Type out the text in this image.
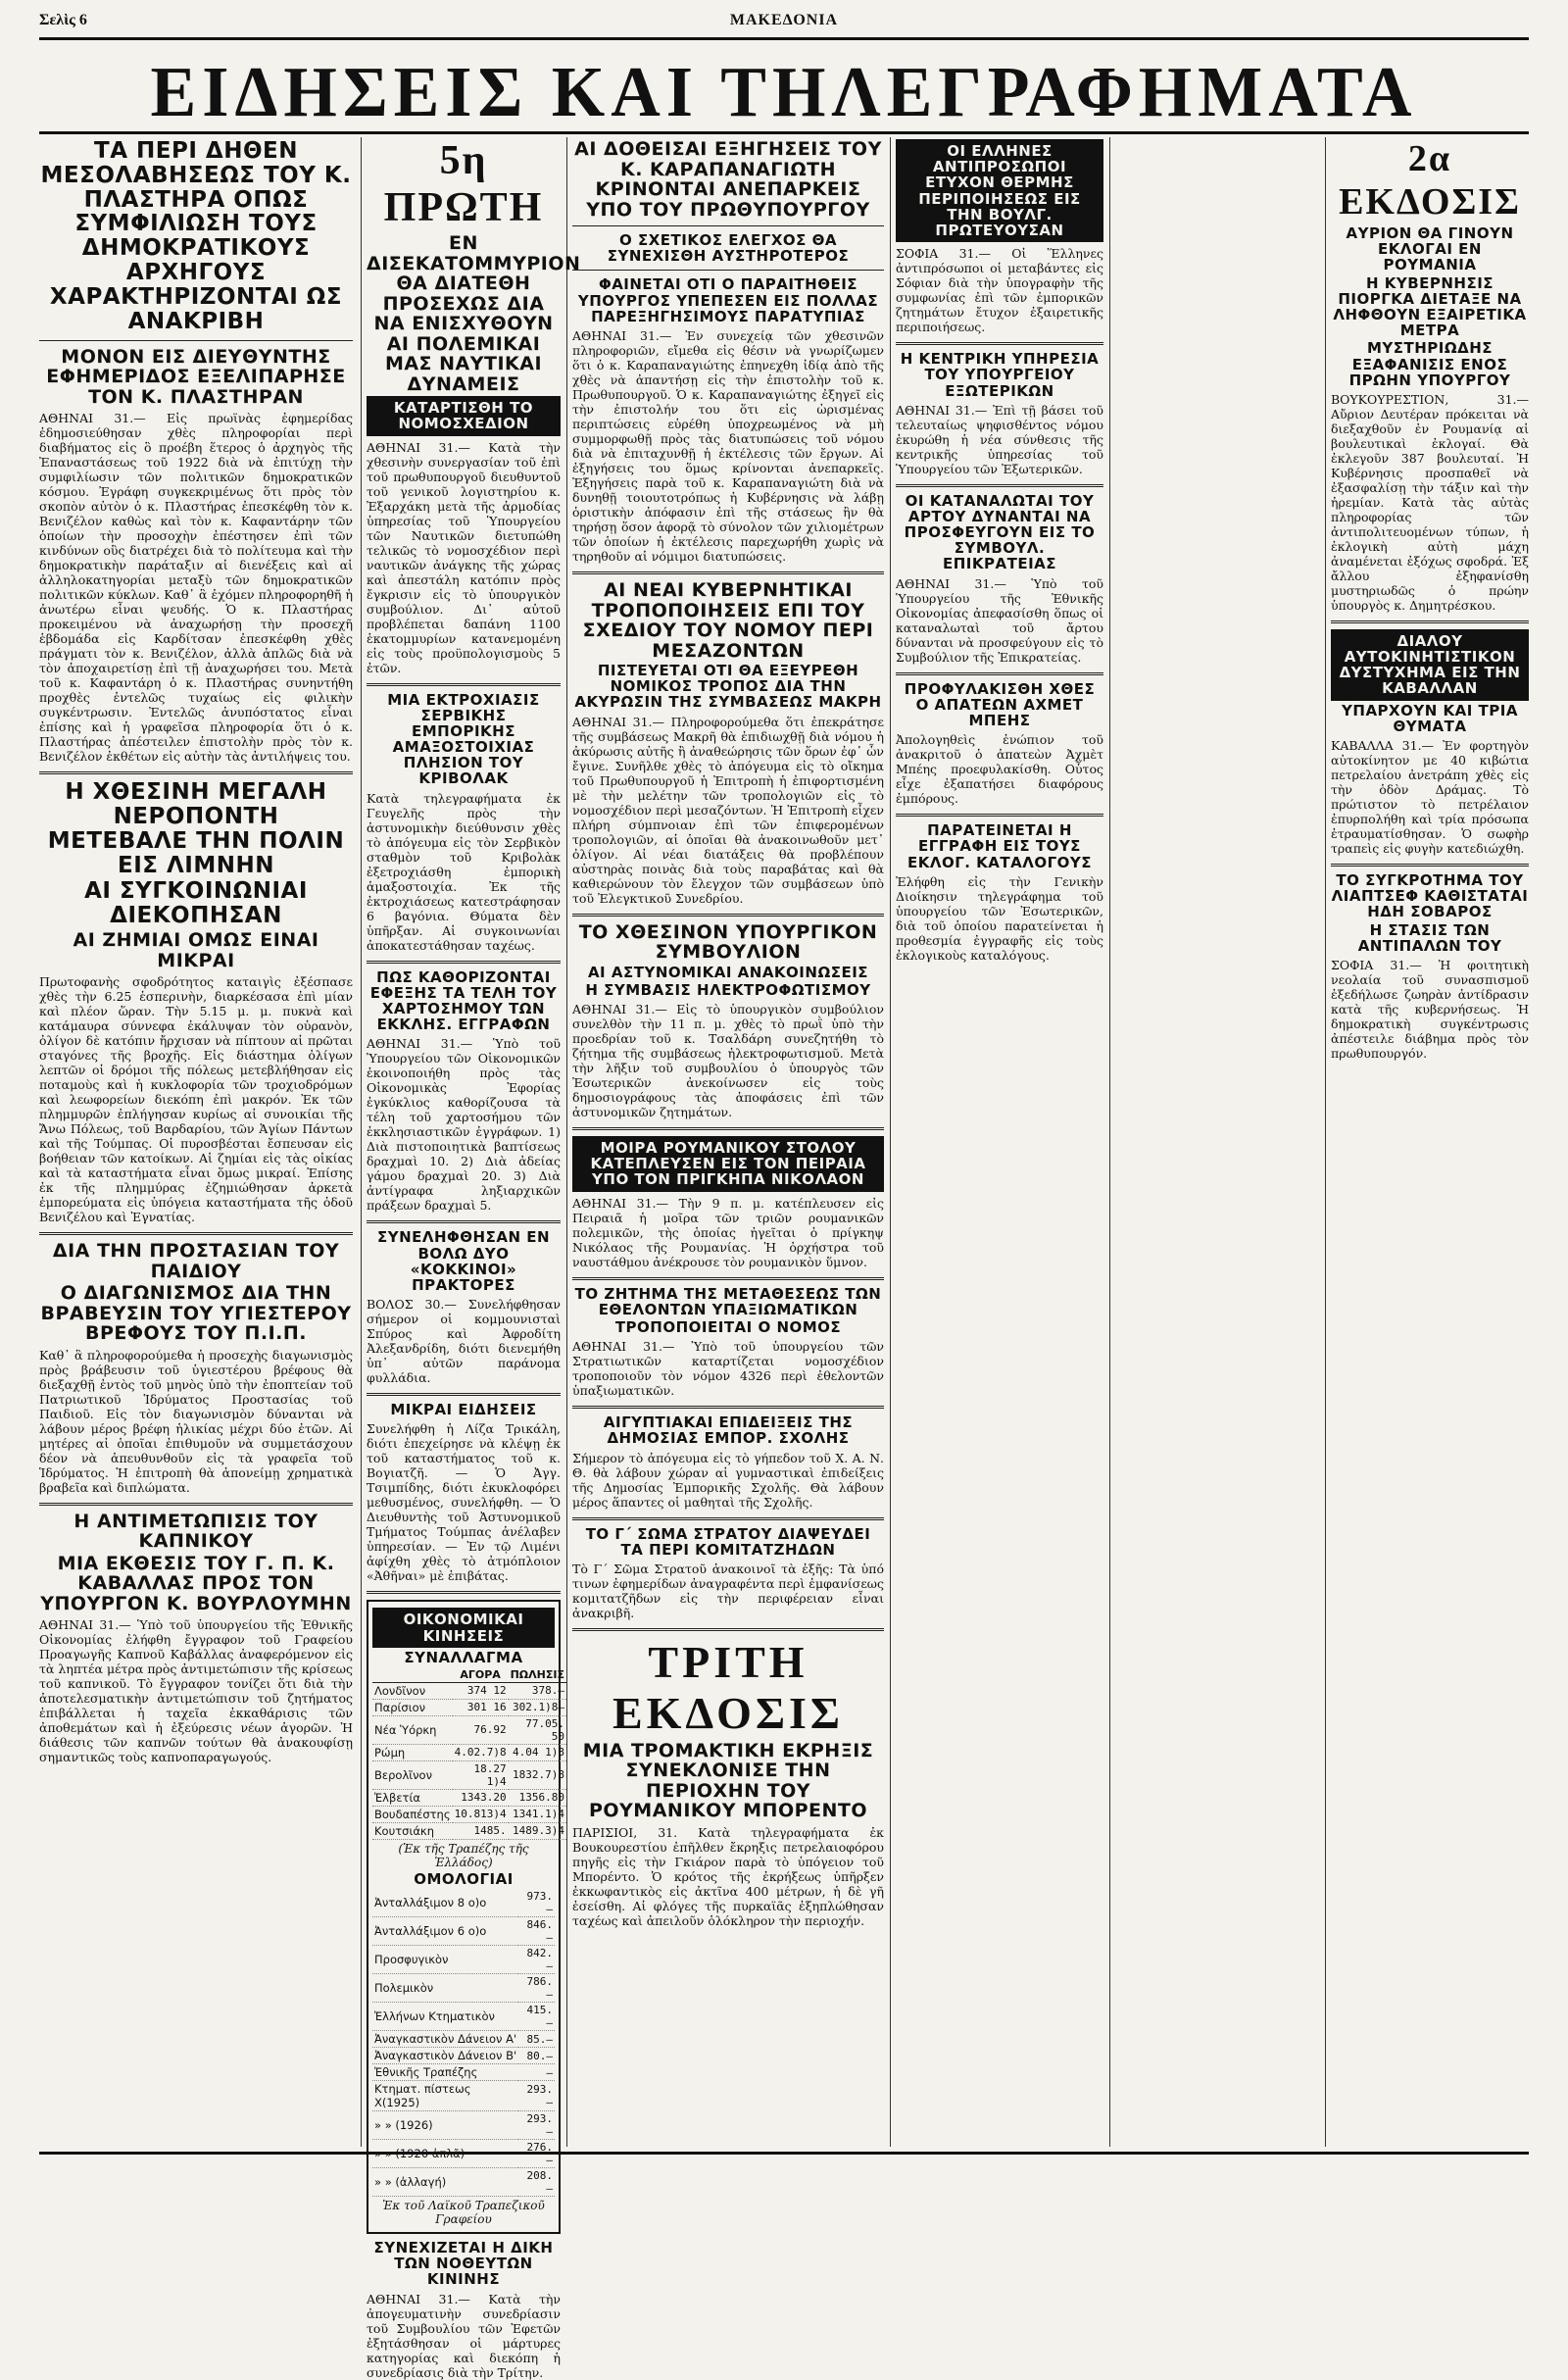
Σελὶς 6	ΜΑΚΕΔΟΝΙΑ
ΕΙΔΗΣΕΙΣ ΚΑΙ ΤΗΛΕΓΡΑΦΗΜΑΤΑ
ΤΑ ΠΕΡΙ ΔΗΘΕΝ ΜΕΣΟΛΑΒΗΣΕΩΣ ΤΟΥ Κ. ΠΛΑΣΤΗΡΑ ΟΠΩΣ ΣΥΜΦΙΛΙΩΣΗ ΤΟΥΣ ΔΗΜΟΚΡΑΤΙΚΟΥΣ ΑΡΧΗΓΟΥΣ ΧΑΡΑΚΤΗΡΙΖΟΝΤΑΙ ΩΣ ΑΝΑΚΡΙΒΗ
ΜΟΝΟΝ ΕΙΣ ΔΙΕΥΘΥΝΤΗΣ ΕΦΗΜΕΡΙΔΟΣ ΕΞΕΛΙΠΑΡΗΣΕ ΤΟΝ Κ. ΠΛΑΣΤΗΡΑΝ
ΑΘΗΝΑΙ 31.— Εἰς πρωϊνὰς ἐφημερίδας ἐδημοσιεύθησαν χθὲς πληροφορίαι περὶ διαβήματος εἰς ὃ προέβη ἕτερος ὁ ἀρχηγὸς τῆς Ἐπαναστάσεως τοῦ 1922 διὰ νὰ ἐπιτύχῃ τὴν συμφιλίωσιν τῶν πολιτικῶν δημοκρατικῶν κόσμου. Ἐγράφη συγκεκριμένως ὅτι πρὸς τὸν σκοπὸν αὐτὸν ὁ κ. Πλαστήρας ἐπεσκέφθη τὸν κ. Βενιζέλον καθὼς καὶ τὸν κ. Καφαντάρην τῶν ὁποίων τὴν προσοχὴν ἐπέστησεν ἐπὶ τῶν κινδύνων οὓς διατρέχει διὰ τὸ πολίτευμα καὶ τὴν δημοκρατικὴν παράταξιν αἱ διενέξεις καὶ αἱ ἀλληλοκατηγορίαι μεταξὺ τῶν δημοκρατικῶν πολιτικῶν κύκλων. Καθ᾽ ἃ ἐχόμεν πληροφορηθῆ ἡ ἀνωτέρω εἶναι ψευδής. Ὁ κ. Πλαστήρας προκειμένου νὰ ἀναχωρήσῃ τὴν προσεχῆ ἑβδομάδα εἰς Καρδίτσαν ἐπεσκέφθη χθὲς πράγματι τὸν κ. Βενιζέλον, ἀλλὰ ἁπλῶς διὰ νὰ τὸν ἀποχαιρετίσῃ ἐπὶ τῇ ἀναχωρήσει του. Μετὰ τοῦ κ. Καφαντάρη ὁ κ. Πλαστήρας συνηντήθη προχθὲς ἐντελῶς τυχαίως εἰς φιλικὴν συγκέντρωσιν. Ἐντελῶς ἀνυπόστατος εἶναι ἐπίσης καὶ ἡ γραφεῖσα πληροφορία ὅτι ὁ κ. Πλαστήρας ἀπέστειλεν ἐπιστολὴν πρὸς τὸν κ. Βενιζέλον ἐκθέτων εἰς αὐτὴν τὰς ἀντιλήψεις του.
Η ΧΘΕΣΙΝΗ ΜΕΓΑΛΗ ΝΕΡΟΠΟΝΤΗ ΜΕΤΕΒΑΛΕ ΤΗΝ ΠΟΛΙΝ ΕΙΣ ΛΙΜΝΗΝ
ΑΙ ΣΥΓΚΟΙΝΩΝΙΑΙ ΔΙΕΚΟΠΗΣΑΝ
ΑΙ ΖΗΜΙΑΙ ΟΜΩΣ ΕΙΝΑΙ ΜΙΚΡΑΙ
Πρωτοφανὴς σφοδρότητος καταιγὶς ἐξέσπασε χθὲς τὴν 6.25 ἑσπερινὴν, διαρκέσασα ἐπὶ μίαν καὶ πλέον ὥραν. Τὴν 5.15 μ. μ. πυκνὰ καὶ κατάμαυρα σύννεφα ἐκάλυψαν τὸν οὐρανὸν, ὀλίγον δὲ κατόπιν ἤρχισαν νὰ πίπτουν αἱ πρῶται σταγόνες τῆς βροχῆς. Εἰς διάστημα ὀλίγων λεπτῶν οἱ δρόμοι τῆς πόλεως μετεβλήθησαν εἰς ποταμοὺς καὶ ἡ κυκλοφορία τῶν τροχιοδρόμων καὶ λεωφορείων διεκόπη ἐπὶ μακρόν. Ἐκ τῶν πλημμυρῶν ἐπλήγησαν κυρίως αἱ συνοικίαι τῆς Ἄνω Πόλεως, τοῦ Βαρδαρίου, τῶν Ἁγίων Πάντων καὶ τῆς Τούμπας. Οἱ πυροσβέσται ἔσπευσαν εἰς βοήθειαν τῶν κατοίκων. Αἱ ζημίαι εἰς τὰς οἰκίας καὶ τὰ καταστήματα εἶναι ὅμως μικραί. Ἐπίσης ἐκ τῆς πλημμύρας ἐζημιώθησαν ἀρκετὰ ἐμπορεύματα εἰς ὑπόγεια καταστήματα τῆς ὁδοῦ Βενιζέλου καὶ Ἐγνατίας.
ΔΙΑ ΤΗΝ ΠΡΟΣΤΑΣΙΑΝ ΤΟΥ ΠΑΙΔΙΟΥ
Ο ΔΙΑΓΩΝΙΣΜΟΣ ΔΙΑ ΤΗΝ ΒΡΑΒΕΥΣΙΝ ΤΟΥ ΥΓΙΕΣΤΕΡΟΥ ΒΡΕΦΟΥΣ ΤΟΥ Π.Ι.Π.
Καθ᾽ ἃ πληροφορούμεθα ἡ προσεχὴς διαγωνισμὸς πρὸς βράβευσιν τοῦ ὑγιεστέρου βρέφους θὰ διεξαχθῇ ἐντὸς τοῦ μηνὸς ὑπὸ τὴν ἐποπτείαν τοῦ Πατριωτικοῦ Ἱδρύματος Προστασίας τοῦ Παιδιοῦ. Εἰς τὸν διαγωνισμὸν δύνανται νὰ λάβουν μέρος βρέφη ἡλικίας μέχρι δύο ἐτῶν. Αἱ μητέρες αἱ ὁποῖαι ἐπιθυμοῦν νὰ συμμετάσχουν δέον νὰ ἀπευθυνθοῦν εἰς τὰ γραφεῖα τοῦ Ἱδρύματος. Ἡ ἐπιτροπὴ θὰ ἀπονείμῃ χρηματικὰ βραβεῖα καὶ διπλώματα.
Η ΑΝΤΙΜΕΤΩΠΙΣΙΣ ΤΟΥ ΚΑΠΝΙΚΟΥ
ΜΙΑ ΕΚΘΕΣΙΣ ΤΟΥ Γ. Π. Κ. ΚΑΒΑΛΛΑΣ ΠΡΟΣ ΤΟΝ ΥΠΟΥΡΓΟΝ Κ. ΒΟΥΡΛΟΥΜΗΝ
ΑΘΗΝΑΙ 31.— Ὑπὸ τοῦ ὑπουργείου τῆς Ἐθνικῆς Οἰκονομίας ἐλήφθη ἔγγραφον τοῦ Γραφείου Προαγωγῆς Καπνοῦ Καβάλλας ἀναφερόμενον εἰς τὰ ληπτέα μέτρα πρὸς ἀντιμετώπισιν τῆς κρίσεως τοῦ καπνικοῦ. Τὸ ἔγγραφον τονίζει ὅτι διὰ τὴν ἀποτελεσματικὴν ἀντιμετώπισιν τοῦ ζητήματος ἐπιβάλλεται ἡ ταχεῖα ἐκκαθάρισις τῶν ἀποθεμάτων καὶ ἡ ἐξεύρεσις νέων ἀγορῶν. Ἡ διάθεσις τῶν καπνῶν τούτων θὰ ἀνακουφίσῃ σημαντικῶς τοὺς καπνοπαραγωγούς.
5η ΠΡΩΤΗ
ΕΝ ΔΙΣΕΚΑΤΟΜΜΥΡΙΟΝ ΘΑ ΔΙΑΤΕΘΗ ΠΡΟΣΕΧΩΣ ΔΙΑ ΝΑ ΕΝΙΣΧΥΘΟΥΝ ΑΙ ΠΟΛΕΜΙΚΑΙ ΜΑΣ ΝΑΥΤΙΚΑΙ ΔΥΝΑΜΕΙΣ
ΚΑΤΑΡΤΙΣΘΗ ΤΟ ΝΟΜΟΣΧΕΔΙΟΝ
ΑΘΗΝΑΙ 31.— Κατὰ τὴν χθεσινὴν συνεργασίαν τοῦ ἐπὶ τοῦ πρωθυπουργοῦ διευθυντοῦ τοῦ γενικοῦ λογιστηρίου κ. Ἐξαρχάκη μετὰ τῆς ἁρμοδίας ὑπηρεσίας τοῦ Ὑπουργείου τῶν Ναυτικῶν διετυπώθη τελικῶς τὸ νομοσχέδιον περὶ ναυτικῶν ἀνάγκης τῆς χώρας καὶ ἀπεστάλη κατόπιν πρὸς ἔγκρισιν εἰς τὸ ὑπουργικὸν συμβούλιον. Δι᾽ αὐτοῦ προβλέπεται δαπάνη 1100 ἑκατομμυρίων κατανεμομένη εἰς τοὺς προϋπολογισμοὺς 5 ἐτῶν.
ΜΙΑ ΕΚΤΡΟΧΙΑΣΙΣ ΣΕΡΒΙΚΗΣ ΕΜΠΟΡΙΚΗΣ ΑΜΑΞΟΣΤΟΙΧΙΑΣ ΠΛΗΣΙΟΝ ΤΟΥ ΚΡΙΒΟΛΑΚ
Κατὰ τηλεγραφήματα ἐκ Γευγελῆς πρὸς τὴν ἀστυνομικὴν διεύθυνσιν χθὲς τὸ ἀπόγευμα εἰς τὸν Σερβικὸν σταθμὸν τοῦ Κριβολὰκ ἐξετροχιάσθη ἐμπορικὴ ἁμαξοστοιχία. Ἐκ τῆς ἐκτροχιάσεως κατεστράφησαν 6 βαγόνια. Θύματα δὲν ὑπῆρξαν. Αἱ συγκοινωνίαι ἀποκατεστάθησαν ταχέως.
ΠΩΣ ΚΑΘΟΡΙΖΟΝΤΑΙ ΕΦΕΞΗΣ ΤΑ ΤΕΛΗ ΤΟΥ ΧΑΡΤΟΣΗΜΟΥ ΤΩΝ ΕΚΚΛΗΣ. ΕΓΓΡΑΦΩΝ
ΑΘΗΝΑΙ 31.— Ὑπὸ τοῦ Ὑπουργείου τῶν Οἰκονομικῶν ἐκοινοποιήθη πρὸς τὰς Οἰκονομικὰς Ἐφορίας ἐγκύκλιος καθορίζουσα τὰ τέλη τοῦ χαρτοσήμου τῶν ἐκκλησιαστικῶν ἐγγράφων. 1) Διὰ πιστοποιητικὰ βαπτίσεως δραχμαὶ 10. 2) Διὰ ἀδείας γάμου δραχμαὶ 20. 3) Διὰ ἀντίγραφα ληξιαρχικῶν πράξεων δραχμαὶ 5.
ΣΥΝΕΛΗΦΘΗΣΑΝ ΕΝ ΒΟΛΩ ΔΥΟ «ΚΟΚΚΙΝΟΙ» ΠΡΑΚΤΟΡΕΣ
ΒΟΛΟΣ 30.— Συνελήφθησαν σήμερον οἱ κομμουνισταὶ Σπύρος καὶ Ἀφροδίτη Ἀλεξανδρίδη, διότι διενεμήθη ὑπ᾽ αὐτῶν παράνομα φυλλάδια.
ΜΙΚΡΑΙ ΕΙΔΗΣΕΙΣ
Συνελήφθη ἡ Λίζα Τρικάλη, διότι ἐπεχείρησε νὰ κλέψῃ ἐκ τοῦ καταστήματος τοῦ κ. Βογιατζῆ. — Ὁ Ἀγγ. Τσιμπίδης, διότι ἐκυκλοφόρει μεθυσμένος, συνελήφθη. — Ὁ Διευθυντὴς τοῦ Ἀστυνομικοῦ Τμήματος Τούμπας ἀνέλαβεν ὑπηρεσίαν. — Ἐν τῷ Λιμένι ἀφίχθη χθὲς τὸ ἀτμόπλοιον «Ἀθῆναι» μὲ ἐπιβάτας.
ΟΙΚΟΝΟΜΙΚΑΙ ΚΙΝΗΣΕΙΣ
ΣΥΝΑΛΛΑΓΜΑ
	ΑΓΟΡΑ	ΠΩΛΗΣΙΣ
Λονδῖνον	374 12	378.—
Παρίσιον	301 16	302.1)8—
Νέα Ὑόρκη	76.92	77.05. 50
Ρώμη	4.02.7)8	4.04 1)8
Βερολῖνον	18.27 1)4	1832.7)8
Ἐλβετία	1343.20	1356.80
Βουδαπέστης	10.813)4	1341.1)4
Κουτσιάκη	1485.	1489.3)4
(Ἐκ τῆς Τραπέζης τῆς Ἑλλάδος)
ΟΜΟΛΟΓΙΑΙ
Ἀνταλλάξιμον 8 ο)ο	973.—
Ἀνταλλάξιμον 6 ο)ο	846.—
Προσφυγικὸν	842.—
Πολεμικὸν	786.—
Ἑλλήνων Κτηματικὸν	415.—
Ἀναγκαστικὸν Δάνειον Α'	85.—
Ἀναγκαστικὸν Δάνειον Β'	80.—
Ἐθνικῆς Τραπέζης	—
Κτηματ. πίστεως Χ(1925)	293.—
» » (1926)	293.—
» » (1920 ἀπλᾶ)	276.—
» » (ἀλλαγή)	208.—
Ἐκ τοῦ Λαϊκοῦ Τραπεζικοῦ Γραφείου
ΣΥΝΕΧΙΖΕΤΑΙ Η ΔΙΚΗ ΤΩΝ ΝΟΘΕΥΤΩΝ ΚΙΝΙΝΗΣ
ΑΘΗΝΑΙ 31.— Κατὰ τὴν ἀπογευματινὴν συνεδρίασιν τοῦ Συμβουλίου τῶν Ἐφετῶν ἐξητάσθησαν οἱ μάρτυρες κατηγορίας καὶ διεκόπη ἡ συνεδρίασις διὰ τὴν Τρίτην.
ΑΙ ΔΟΘΕΙΣΑΙ ΕΞΗΓΗΣΕΙΣ ΤΟΥ Κ. ΚΑΡΑΠΑΝΑΓΙΩΤΗ ΚΡΙΝΟΝΤΑΙ ΑΝΕΠΑΡΚΕΙΣ ΥΠΟ ΤΟΥ ΠΡΩΘΥΠΟΥΡΓΟΥ
Ο ΣΧΕΤΙΚΟΣ ΕΛΕΓΧΟΣ ΘΑ ΣΥΝΕΧΙΣΘΗ ΑΥΣΤΗΡΟΤΕΡΟΣ
ΦΑΙΝΕΤΑΙ ΟΤΙ Ο ΠΑΡΑΙΤΗΘΕΙΣ ΥΠΟΥΡΓΟΣ ΥΠΕΠΕΣΕΝ ΕΙΣ ΠΟΛΛΑΣ ΠΑΡΕΞΗΓΗΣΙΜΟΥΣ ΠΑΡΑΤΥΠΙΑΣ
ΑΘΗΝΑΙ 31.— Ἐν συνεχείᾳ τῶν χθεσινῶν πληροφοριῶν, εἴμεθα εἰς θέσιν νὰ γνωρίζωμεν ὅτι ὁ κ. Καραπαναγιώτης ἐπηνεχθη ἰδίᾳ ἀπὸ τῆς χθὲς νὰ ἀπαντήσῃ εἰς τὴν ἐπιστολὴν τοῦ κ. Πρωθυπουργοῦ. Ὁ κ. Καραπαναγιώτης ἐξηγεῖ εἰς τὴν ἐπιστολήν του ὅτι εἰς ὡρισμένας περιπτώσεις εὑρέθη ὑποχρεωμένος νὰ μὴ συμμορφωθῇ πρὸς τὰς διατυπώσεις τοῦ νόμου διὰ νὰ ἐπιταχυνθῇ ἡ ἐκτέλεσις τῶν ἔργων. Αἱ ἐξηγήσεις του ὅμως κρίνονται ἀνεπαρκεῖς. Ἐξηγήσεις παρὰ τοῦ κ. Καραπαναγιώτη διὰ νὰ δυνηθῇ τοιουτοτρόπως ἡ Κυβέρνησις νὰ λάβῃ ὁριστικὴν ἀπόφασιν ἐπὶ τῆς στάσεως ἣν θὰ τηρήσῃ ὅσον ἀφορᾷ τὸ σύνολον τῶν χιλιομέτρων τῶν ὁποίων ἡ ἐκτέλεσις παρεχωρήθη χωρὶς νὰ τηρηθοῦν αἱ νόμιμοι διατυπώσεις.
ΑΙ ΝΕΑΙ ΚΥΒΕΡΝΗΤΙΚΑΙ ΤΡΟΠΟΠΟΙΗΣΕΙΣ ΕΠΙ ΤΟΥ ΣΧΕΔΙΟΥ ΤΟΥ ΝΟΜΟΥ ΠΕΡΙ ΜΕΣΑΖΟΝΤΩΝ
ΠΙΣΤΕΥΕΤΑΙ ΟΤΙ ΘΑ ΕΞΕΥΡΕΘΗ ΝΟΜΙΚΟΣ ΤΡΟΠΟΣ ΔΙΑ ΤΗΝ ΑΚΥΡΩΣΙΝ ΤΗΣ ΣΥΜΒΑΣΕΩΣ ΜΑΚΡΗ
ΑΘΗΝΑΙ 31.— Πληροφορούμεθα ὅτι ἐπεκράτησε τῆς συμβάσεως Μακρῆ θὰ ἐπιδιωχθῇ διὰ νόμου ἡ ἀκύρωσις αὐτῆς ἢ ἀναθεώρησις τῶν ὅρων ἐφ᾽ ὧν ἔγινε. Συνῆλθε χθὲς τὸ ἀπόγευμα εἰς τὸ οἴκημα τοῦ Πρωθυπουργοῦ ἡ Ἐπιτροπὴ ἡ ἐπιφορτισμένη μὲ τὴν μελέτην τῶν τροπολογιῶν εἰς τὸ νομοσχέδιον περὶ μεσαζόντων. Ἡ Ἐπιτροπὴ εἶχεν πλήρη σύμπνοιαν ἐπὶ τῶν ἐπιφερομένων τροπολογιῶν, αἱ ὁποῖαι θὰ ἀνακοινωθοῦν μετ᾽ ὀλίγον. Αἱ νέαι διατάξεις θὰ προβλέπουν αὐστηρὰς ποινὰς διὰ τοὺς παραβάτας καὶ θὰ καθιερώνουν τὸν ἔλεγχον τῶν συμβάσεων ὑπὸ τοῦ Ἐλεγκτικοῦ Συνεδρίου.
ΤΟ ΧΘΕΣΙΝΟΝ ΥΠΟΥΡΓΙΚΟΝ ΣΥΜΒΟΥΛΙΟΝ
ΑΙ ΑΣΤΥΝΟΜΙΚΑΙ ΑΝΑΚΟΙΝΩΣΕΙΣ
Η ΣΥΜΒΑΣΙΣ ΗΛΕΚΤΡΟΦΩΤΙΣΜΟΥ
ΑΘΗΝΑΙ 31.— Εἰς τὸ ὑπουργικὸν συμβούλιον συνελθὸν τὴν 11 π. μ. χθὲς τὸ πρωῒ ὑπὸ τὴν προεδρίαν τοῦ κ. Τσαλδάρη συνεζητήθη τὸ ζήτημα τῆς συμβάσεως ἠλεκτροφωτισμοῦ. Μετὰ τὴν λῆξιν τοῦ συμβουλίου ὁ ὑπουργὸς τῶν Ἐσωτερικῶν ἀνεκοίνωσεν εἰς τοὺς δημοσιογράφους τὰς ἀποφάσεις ἐπὶ τῶν ἀστυνομικῶν ζητημάτων.
ΜΟΙΡΑ ΡΟΥΜΑΝΙΚΟΥ ΣΤΟΛΟΥ ΚΑΤΕΠΛΕΥΣΕΝ ΕΙΣ ΤΟΝ ΠΕΙΡΑΙΑ ΥΠΟ ΤΟΝ ΠΡΙΓΚΗΠΑ ΝΙΚΟΛΑΟΝ
ΑΘΗΝΑΙ 31.— Τὴν 9 π. μ. κατέπλευσεν εἰς Πειραιᾶ ἡ μοῖρα τῶν τριῶν ρουμανικῶν πολεμικῶν, τὴς ὁποίας ἠγεῖται ὁ πρίγκηψ Νικόλαος τῆς Ρουμανίας. Ἡ ὀρχήστρα τοῦ ναυστάθμου ἀνέκρουσε τὸν ρουμανικὸν ὕμνον.
ΤΟ ΖΗΤΗΜΑ ΤΗΣ ΜΕΤΑΘΕΣΕΩΣ ΤΩΝ ΕΘΕΛΟΝΤΩΝ ΥΠΑΞΙΩΜΑΤΙΚΩΝ
ΤΡΟΠΟΠΟΙΕΙΤΑΙ Ο ΝΟΜΟΣ
ΑΘΗΝΑΙ 31.— Ὑπὸ τοῦ ὑπουργείου τῶν Στρατιωτικῶν καταρτίζεται νομοσχέδιον τροποποιοῦν τὸν νόμον 4326 περὶ ἐθελοντῶν ὑπαξιωματικῶν.
ΑΙΓΥΠΤΙΑΚΑΙ ΕΠΙΔΕΙΞΕΙΣ ΤΗΣ ΔΗΜΟΣΙΑΣ ΕΜΠΟΡ. ΣΧΟΛΗΣ
Σήμερον τὸ ἀπόγευμα εἰς τὸ γήπεδον τοῦ Χ. Α. Ν. Θ. θὰ λάβουν χώραν αἱ γυμναστικαὶ ἐπιδείξεις τῆς Δημοσίας Ἐμπορικῆς Σχολῆς. Θὰ λάβουν μέρος ἅπαντες οἱ μαθηταὶ τῆς Σχολῆς.
ΤΟ Γ΄ ΣΩΜΑ ΣΤΡΑΤΟΥ ΔΙΑΨΕΥΔΕΙ ΤΑ ΠΕΡΙ ΚΟΜΙΤΑΤΖΗΔΩΝ
Τὸ Γ΄ Σῶμα Στρατοῦ ἀνακοινοῖ τὰ ἑξῆς: Τὰ ὑπό τινων ἐφημερίδων ἀναγραφέντα περὶ ἐμφανίσεως κομιτατζῆδων εἰς τὴν περιφέρειαν εἶναι ἀνακριβῆ.
ΤΡΙΤΗ ΕΚΔΟΣΙΣ
ΜΙΑ ΤΡΟΜΑΚΤΙΚΗ ΕΚΡΗΞΙΣ ΣΥΝΕΚΛΟΝΙΣΕ ΤΗΝ ΠΕΡΙΟΧΗΝ ΤΟΥ ΡΟΥΜΑΝΙΚΟΥ ΜΠΟΡΕΝΤΟ
ΠΑΡΙΣΙΟΙ, 31. Κατὰ τηλεγραφήματα ἐκ Βουκουρεστίου ἐπῆλθεν ἔκρηξις πετρελαιοφόρου πηγῆς εἰς τὴν Γκιάρον παρὰ τὸ ὑπόγειον τοῦ Μπορέντο. Ὁ κρότος τῆς ἐκρήξεως ὑπῆρξεν ἐκκωφαντικὸς εἰς ἀκτῖνα 400 μέτρων, ἡ δὲ γῆ ἐσείσθη. Αἱ φλόγες τῆς πυρκαϊᾶς ἐξηπλώθησαν ταχέως καὶ ἀπειλοῦν ὁλόκληρον τὴν περιοχήν.
ΟΙ ΕΛΛΗΝΕΣ ΑΝΤΙΠΡΟΣΩΠΟΙ ΕΤΥΧΟΝ ΘΕΡΜΗΣ ΠΕΡΙΠΟΙΗΣΕΩΣ ΕΙΣ ΤΗΝ ΒΟΥΛΓ. ΠΡΩΤΕΥΟΥΣΑΝ
ΣΟΦΙΑ 31.— Οἱ Ἕλληνες ἀντιπρόσωποι οἱ μεταβάντες εἰς Σόφιαν διὰ τὴν ὑπογραφὴν τῆς συμφωνίας ἐπὶ τῶν ἐμπορικῶν ζητημάτων ἔτυχον ἐξαιρετικῆς περιποιήσεως.
Η ΚΕΝΤΡΙΚΗ ΥΠΗΡΕΣΙΑ ΤΟΥ ΥΠΟΥΡΓΕΙΟΥ ΕΞΩΤΕΡΙΚΩΝ
ΑΘΗΝΑΙ 31.— Ἐπὶ τῇ βάσει τοῦ τελευταίως ψηφισθέντος νόμου ἐκυρώθη ἡ νέα σύνθεσις τῆς κεντρικῆς ὑπηρεσίας τοῦ Ὑπουργείου τῶν Ἐξωτερικῶν.
ΟΙ ΚΑΤΑΝΑΛΩΤΑΙ ΤΟΥ ΑΡΤΟΥ ΔΥΝΑΝΤΑΙ ΝΑ ΠΡΟΣΦΕΥΓΟΥΝ ΕΙΣ ΤΟ ΣΥΜΒΟΥΛ. ΕΠΙΚΡΑΤΕΙΑΣ
ΑΘΗΝΑΙ 31.— Ὑπὸ τοῦ Ὑπουργείου τῆς Ἐθνικῆς Οἰκονομίας ἀπεφασίσθη ὅπως οἱ καταναλωταὶ τοῦ ἄρτου δύνανται νὰ προσφεύγουν εἰς τὸ Συμβούλιον τῆς Ἐπικρατείας.
ΠΡΟΦΥΛΑΚΙΣΘΗ ΧΘΕΣ Ο ΑΠΑΤΕΩΝ ΑΧΜΕΤ ΜΠΕΗΣ
Ἀπολογηθεὶς ἐνώπιον τοῦ ἀνακριτοῦ ὁ ἀπατεὼν Ἀχμὲτ Μπέης προεφυλακίσθη. Οὗτος εἶχε ἐξαπατήσει διαφόρους ἐμπόρους.
ΠΑΡΑΤΕΙΝΕΤΑΙ Η ΕΓΓΡΑΦΗ ΕΙΣ ΤΟΥΣ ΕΚΛΟΓ. ΚΑΤΑΛΟΓΟΥΣ
Ἐλήφθη εἰς τὴν Γενικὴν Διοίκησιν τηλεγράφημα τοῦ ὑπουργείου τῶν Ἐσωτερικῶν, διὰ τοῦ ὁποίου παρατείνεται ἡ προθεσμία ἐγγραφῆς εἰς τοὺς ἐκλογικοὺς καταλόγους.
2α ΕΚΔΟΣΙΣ
ΑΥΡΙΟΝ ΘΑ ΓΙΝΟΥΝ ΕΚΛΟΓΑΙ ΕΝ ΡΟΥΜΑΝΙΑ
Η ΚΥΒΕΡΝΗΣΙΣ ΠΙΟΡΓΚΑ ΔΙΕΤΑΞΕ ΝΑ ΛΗΦΘΟΥΝ ΕΞΑΙΡΕΤΙΚΑ ΜΕΤΡΑ
ΜΥΣΤΗΡΙΩΔΗΣ ΕΞΑΦΑΝΙΣΙΣ ΕΝΟΣ ΠΡΩΗΝ ΥΠΟΥΡΓΟΥ
ΒΟΥΚΟΥΡΕΣΤΙΟΝ, 31.— Αὔριον Δευτέραν πρόκειται νὰ διεξαχθοῦν ἐν Ρουμανίᾳ αἱ βουλευτικαὶ ἐκλογαί. Θὰ ἐκλεγοῦν 387 βουλευταί. Ἡ Κυβέρνησις προσπαθεῖ νὰ ἐξασφαλίσῃ τὴν τάξιν καὶ τὴν ἠρεμίαν. Κατὰ τὰς αὐτὰς πληροφορίας τῶν ἀντιπολιτευομένων τύπων, ἡ ἐκλογικὴ αὐτὴ μάχη ἀναμένεται ἐξόχως σφοδρά. Ἐξ ἄλλου ἐξηφανίσθη μυστηριωδῶς ὁ πρώην ὑπουργὸς κ. Δημητρέσκου.
ΔΙΑΛΟΥ ΑΥΤΟΚΙΝΗΤΙΣΤΙΚΟΝ ΔΥΣΤΥΧΗΜΑ ΕΙΣ ΤΗΝ ΚΑΒΑΛΛΑΝ
ΥΠΑΡΧΟΥΝ ΚΑΙ ΤΡΙΑ ΘΥΜΑΤΑ
ΚΑΒΑΛΛΑ 31.— Ἐν φορτηγὸν αὐτοκίνητον με 40 κιβώτια πετρελαίου ἀνετράπη χθὲς εἰς τὴν ὁδὸν Δράμας. Τὸ πρώτιστον τὸ πετρέλαιον ἐπυρπολήθη καὶ τρία πρόσωπα ἐτραυματίσθησαν. Ὁ σωφὴρ τραπεὶς εἰς φυγὴν κατεδιώχθη.
ΤΟ ΣΥΓΚΡΟΤΗΜΑ ΤΟΥ ΛΙΑΠΤΣΕΦ ΚΑΘΙΣΤΑΤΑΙ ΗΔΗ ΣΟΒΑΡΟΣ
Η ΣΤΑΣΙΣ ΤΩΝ ΑΝΤΙΠΑΛΩΝ ΤΟΥ
ΣΟΦΙΑ 31.— Ἡ φοιτητικὴ νεολαία τοῦ συνασπισμοῦ ἐξεδήλωσε ζωηρὰν ἀντίδρασιν κατὰ τῆς κυβερνήσεως. Ἡ δημοκρατικὴ συγκέντρωσις ἀπέστειλε διάβημα πρὸς τὸν πρωθυπουργόν.
